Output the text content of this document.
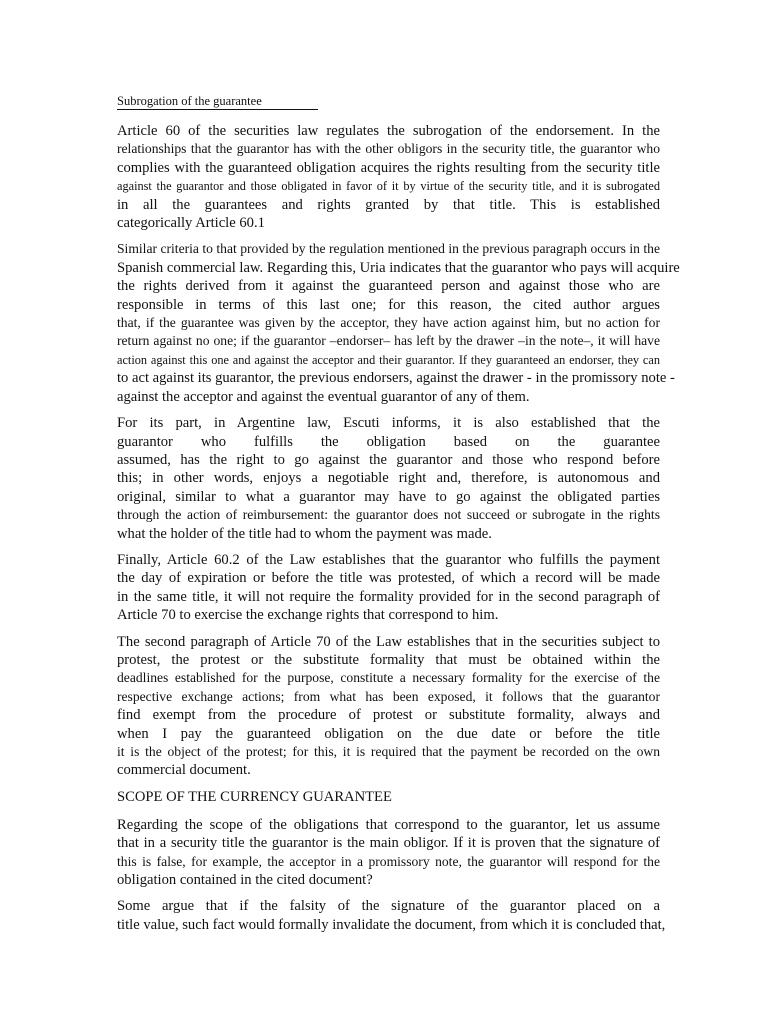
Subrogation of the guarantee
Article 60 of the securities law regulates the subrogation of the endorsement. In the
relationships that the guarantor has with the other obligors in the security title, the guarantor who
complies with the guaranteed obligation acquires the rights resulting from the security title
against the guarantor and those obligated in favor of it by virtue of the security title, and it is subrogated
in all the guarantees and rights granted by that title. This is established
categorically Article 60.1
Similar criteria to that provided by the regulation mentioned in the previous paragraph occurs in the
Spanish commercial law. Regarding this, Uria indicates that the guarantor who pays will acquire
the rights derived from it against the guaranteed person and against those who are
responsible in terms of this last one; for this reason, the cited author argues
that, if the guarantee was given by the acceptor, they have action against him, but no action for
return against no one; if the guarantor –endorser– has left by the drawer –in the note–, it will have
action against this one and against the acceptor and their guarantor. If they guaranteed an endorser, they can
to act against its guarantor, the previous endorsers, against the drawer - in the promissory note -
against the acceptor and against the eventual guarantor of any of them.
For its part, in Argentine law, Escuti informs, it is also established that the
guarantor who fulfills the obligation based on the guarantee
assumed, has the right to go against the guarantor and those who respond before
this; in other words, enjoys a negotiable right and, therefore, is autonomous and
original, similar to what a guarantor may have to go against the obligated parties
through the action of reimbursement: the guarantor does not succeed or subrogate in the rights
what the holder of the title had to whom the payment was made.
Finally, Article 60.2 of the Law establishes that the guarantor who fulfills the payment
the day of expiration or before the title was protested, of which a record will be made
in the same title, it will not require the formality provided for in the second paragraph of
Article 70 to exercise the exchange rights that correspond to him.
The second paragraph of Article 70 of the Law establishes that in the securities subject to
protest, the protest or the substitute formality that must be obtained within the
deadlines established for the purpose, constitute a necessary formality for the exercise of the
respective exchange actions; from what has been exposed, it follows that the guarantor
find exempt from the procedure of protest or substitute formality, always and
when I pay the guaranteed obligation on the due date or before the title
it is the object of the protest; for this, it is required that the payment be recorded on the own
commercial document.
SCOPE OF THE CURRENCY GUARANTEE
Regarding the scope of the obligations that correspond to the guarantor, let us assume
that in a security title the guarantor is the main obligor. If it is proven that the signature of
this is false, for example, the acceptor in a promissory note, the guarantor will respond for the
obligation contained in the cited document?
Some argue that if the falsity of the signature of the guarantor placed on a
title value, such fact would formally invalidate the document, from which it is concluded that,
